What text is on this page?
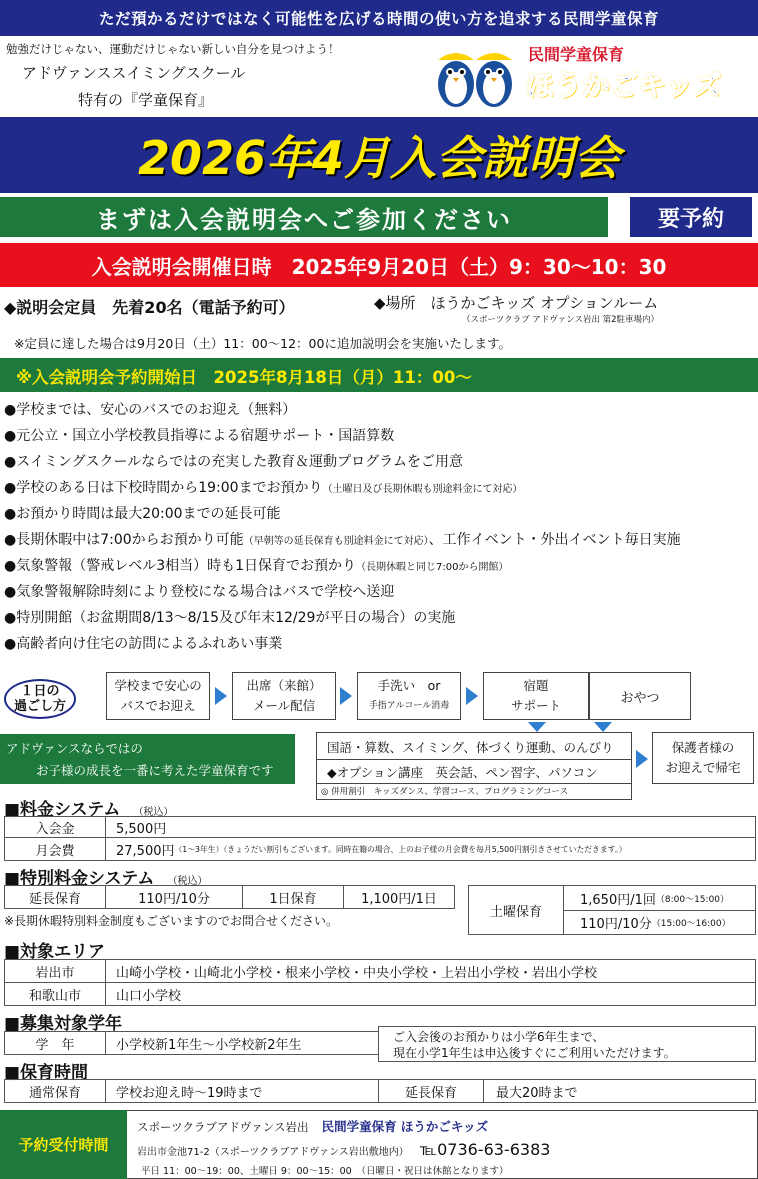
ただ預かるだけではなく可能性を広げる時間の使い方を追求する民間学童保育
勉強だけじゃない、運動だけじゃない新しい自分を見つけよう！
アドヴァンススイミングスクール
特有の『学童保育』
民間学童保育
ほうかごキッズ
2026年4月入会説明会
まずは入会説明会へご参加ください	要予約
入会説明会開催日時　2025年9月20日（土）9：30～10：30
◆説明会定員　先着20名（電話予約可）	◆場所　ほうかごキッズ オプションルーム
（スポーツクラブ アドヴァンス岩出 第2駐車場内）
※定員に達した場合は9月20日（土）11：00～12：00に追加説明会を実施いたします。
※入会説明会予約開始日　2025年8月18日（月）11：00～
●学校までは、安心のバスでのお迎え（無料）
●元公立・国立小学校教員指導による宿題サポート・国語算数
●スイミングスクールならではの充実した教育＆運動プログラムをご用意
●学校のある日は下校時間から19:00までお預かり（土曜日及び長期休暇も別途料金にて対応）
●お預かり時間は最大20:00までの延長可能
●長期休暇中は7:00からお預かり可能（早朝等の延長保育も別途料金にて対応）、工作イベント・外出イベント毎日実施
●気象警報（警戒レベル3相当）時も1日保育でお預かり（長期休暇と同じ7:00から開館）
●気象警報解除時刻により登校になる場合はバスで学校へ送迎
●特別開館（お盆期間8/13～8/15及び年末12/29が平日の場合）の実施
●高齢者向け住宅の訪問によるふれあい事業
１日の
過ごし方
学校まで安心の
バスでお迎え
出席（来館）
メール配信
手洗い　or
手指アルコール消毒
宿題
サポート	おやつ
アドヴァンスならではの
お子様の成長を一番に考えた学童保育です
国語・算数、スイミング、体づくり運動、のんびり
◆オプション講座　英会話、ペン習字、パソコン
◎ 併用割引　キッズダンス、学習コース、プログラミングコース
保護者様の
お迎えで帰宅
■料金システム （税込）
入会金	5,500円
月会費	27,500円 （1～3年生）（きょうだい割引もございます。同時在籍の場合、上のお子様の月会費を毎月5,500円割引きさせていただきます。）
■特別料金システム （税込）
延長保育	110円/10分	1日保育	1,100円/1日
※長期休暇特別料金制度もございますのでお問合せください。
土曜保育
1,650円/1回 （8:00～15:00）
110円/10分 （15:00～16:00）
■対象エリア
岩出市	山崎小学校・山崎北小学校・根来小学校・中央小学校・上岩出小学校・岩出小学校
和歌山市	山口小学校
■募集対象学年
学　年	小学校新1年生～小学校新2年生
ご入会後のお預かりは小学6年生まで、
現在小学1年生は申込後すぐにご利用いただけます。
■保育時間
通常保育	学校お迎え時～19時まで	延長保育	最大20時まで
予約受付時間
スポーツクラブアドヴァンス岩出 民間学童保育 ほうかごキッズ
岩出市金池71-2（スポーツクラブアドヴァンス岩出敷地内） ℡0736-63-6383
平日 11：00～19：00、土曜日 9：00～15：00　（日曜日・祝日は休館となります）
